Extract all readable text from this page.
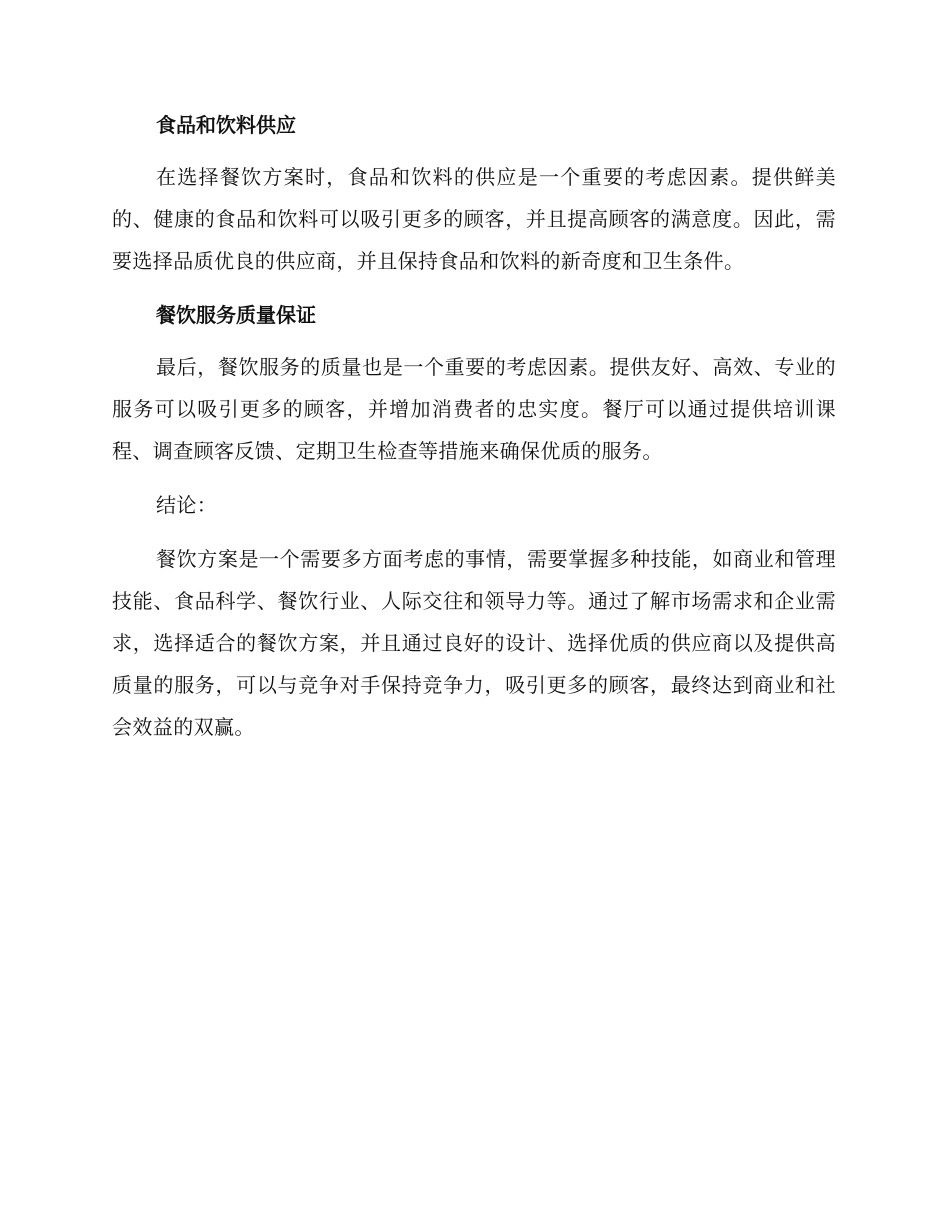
食品和饮料供应

在选择餐饮方案时，食品和饮料的供应是一个重要的考虑因素。提供鲜美的、健康的食品和饮料可以吸引更多的顾客，并且提高顾客的满意度。因此，需要选择品质优良的供应商，并且保持食品和饮料的新奇度和卫生条件。

餐饮服务质量保证

最后，餐饮服务的质量也是一个重要的考虑因素。提供友好、高效、专业的服务可以吸引更多的顾客，并增加消费者的忠实度。餐厅可以通过提供培训课程、调查顾客反馈、定期卫生检查等措施来确保优质的服务。

结论：

餐饮方案是一个需要多方面考虑的事情，需要掌握多种技能，如商业和管理技能、食品科学、餐饮行业、人际交往和领导力等。通过了解市场需求和企业需求，选择适合的餐饮方案，并且通过良好的设计、选择优质的供应商以及提供高质量的服务，可以与竞争对手保持竞争力，吸引更多的顾客，最终达到商业和社会效益的双赢。
